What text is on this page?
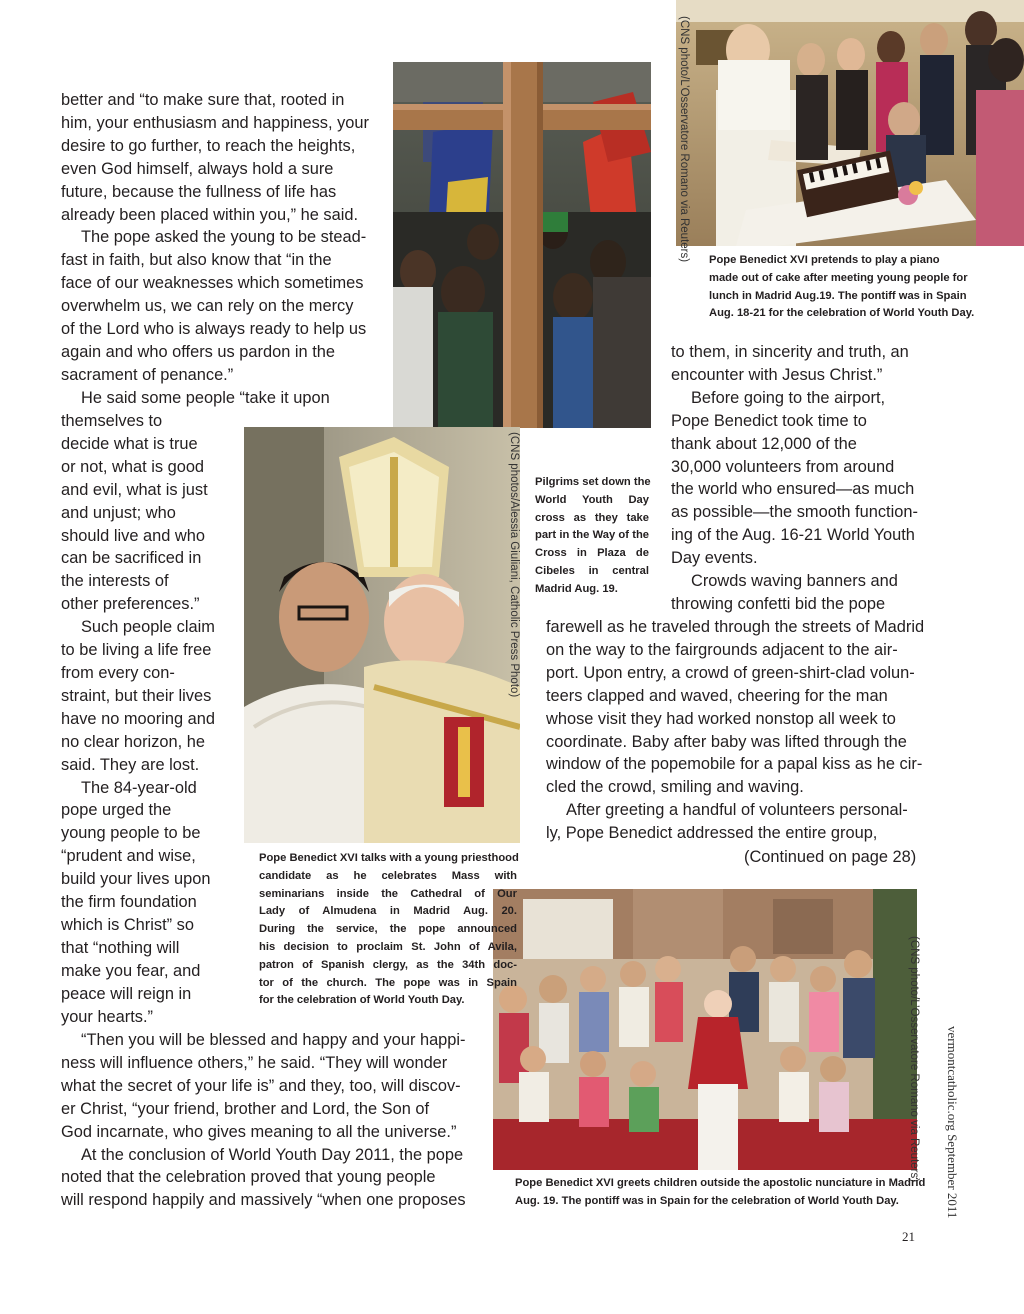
(CNS photo/L’Osservatore Romano via Reuters)
(CNS photos/Alessia Giuliani, Catholic Press Photo)
(CNS photo/L’Osservatore Romano via Reuters) vermontcatholic.org September 2011
better and “to make sure that, rooted in
him, your enthusiasm and happiness, your
desire to go further, to reach the heights,
even God himself, always hold a sure
future, because the fullness of life has
already been placed within you,” he said.
The pope asked the young to be stead-
fast in faith, but also know that “in the
face of our weaknesses which sometimes
overwhelm us, we can rely on the mercy
of the Lord who is always ready to help us
again and who offers us pardon in the
sacrament of penance.”
He said some people “take it upon
themselves to
decide what is true
or not, what is good
and evil, what is just
and unjust; who
should live and who
can be sacrificed in
the interests of
other preferences.”
Such people claim
to be living a life free
from every con-
straint, but their lives
have no mooring and
no clear horizon, he
said. They are lost.
The 84-year-old
pope urged the
young people to be
“prudent and wise,
build your lives upon
the firm foundation
which is Christ” so
that “nothing will
make you fear, and
peace will reign in
your hearts.”
“Then you will be blessed and happy and your happi-
ness will influence others,” he said. “They will wonder
what the secret of your life is” and they, too, will discov-
er Christ, “your friend, brother and Lord, the Son of
God incarnate, who gives meaning to all the universe.”
At the conclusion of World Youth Day 2011, the pope
noted that the celebration proved that young people
will respond happily and massively “when one proposes
to them, in sincerity and truth, an
encounter with Jesus Christ.”
Before going to the airport,
Pope Benedict took time to
thank about 12,000 of the
30,000 volunteers from around
the world who ensured—as much
as possible—the smooth function-
ing of the Aug. 16-21 World Youth
Day events.
Crowds waving banners and
throwing confetti bid the pope
farewell as he traveled through the streets of Madrid
on the way to the fairgrounds adjacent to the air-
port. Upon entry, a crowd of green-shirt-clad volun-
teers clapped and waved, cheering for the man
whose visit they had worked nonstop all week to
coordinate. Baby after baby was lifted through the
window of the popemobile for a papal kiss as he cir-
cled the crowd, smiling and waving.
After greeting a handful of volunteers personal-
ly, Pope Benedict addressed the entire group,
(Continued on page 28)
Pope Benedict XVI pretends to play a piano
made out of cake after meeting young people for
lunch in Madrid Aug.19. The pontiff was in Spain
Aug. 18-21 for the celebration of World Youth Day.
Pilgrims set down the
World Youth Day
cross as they take
part in the Way of the
Cross in Plaza de
Cibeles in central
Madrid Aug. 19.
Pope Benedict XVI talks with a young priesthood
candidate as he celebrates Mass with
seminarians inside the Cathedral of Our
Lady of Almudena in Madrid Aug. 20.
During the service, the pope announced
his decision to proclaim St. John of Avila,
patron of Spanish clergy, as the 34th doc-
tor of the church. The pope was in Spain
for the celebration of World Youth Day.
Pope Benedict XVI greets children outside the apostolic nunciature in Madrid
Aug. 19. The pontiff was in Spain for the celebration of World Youth Day.
21
